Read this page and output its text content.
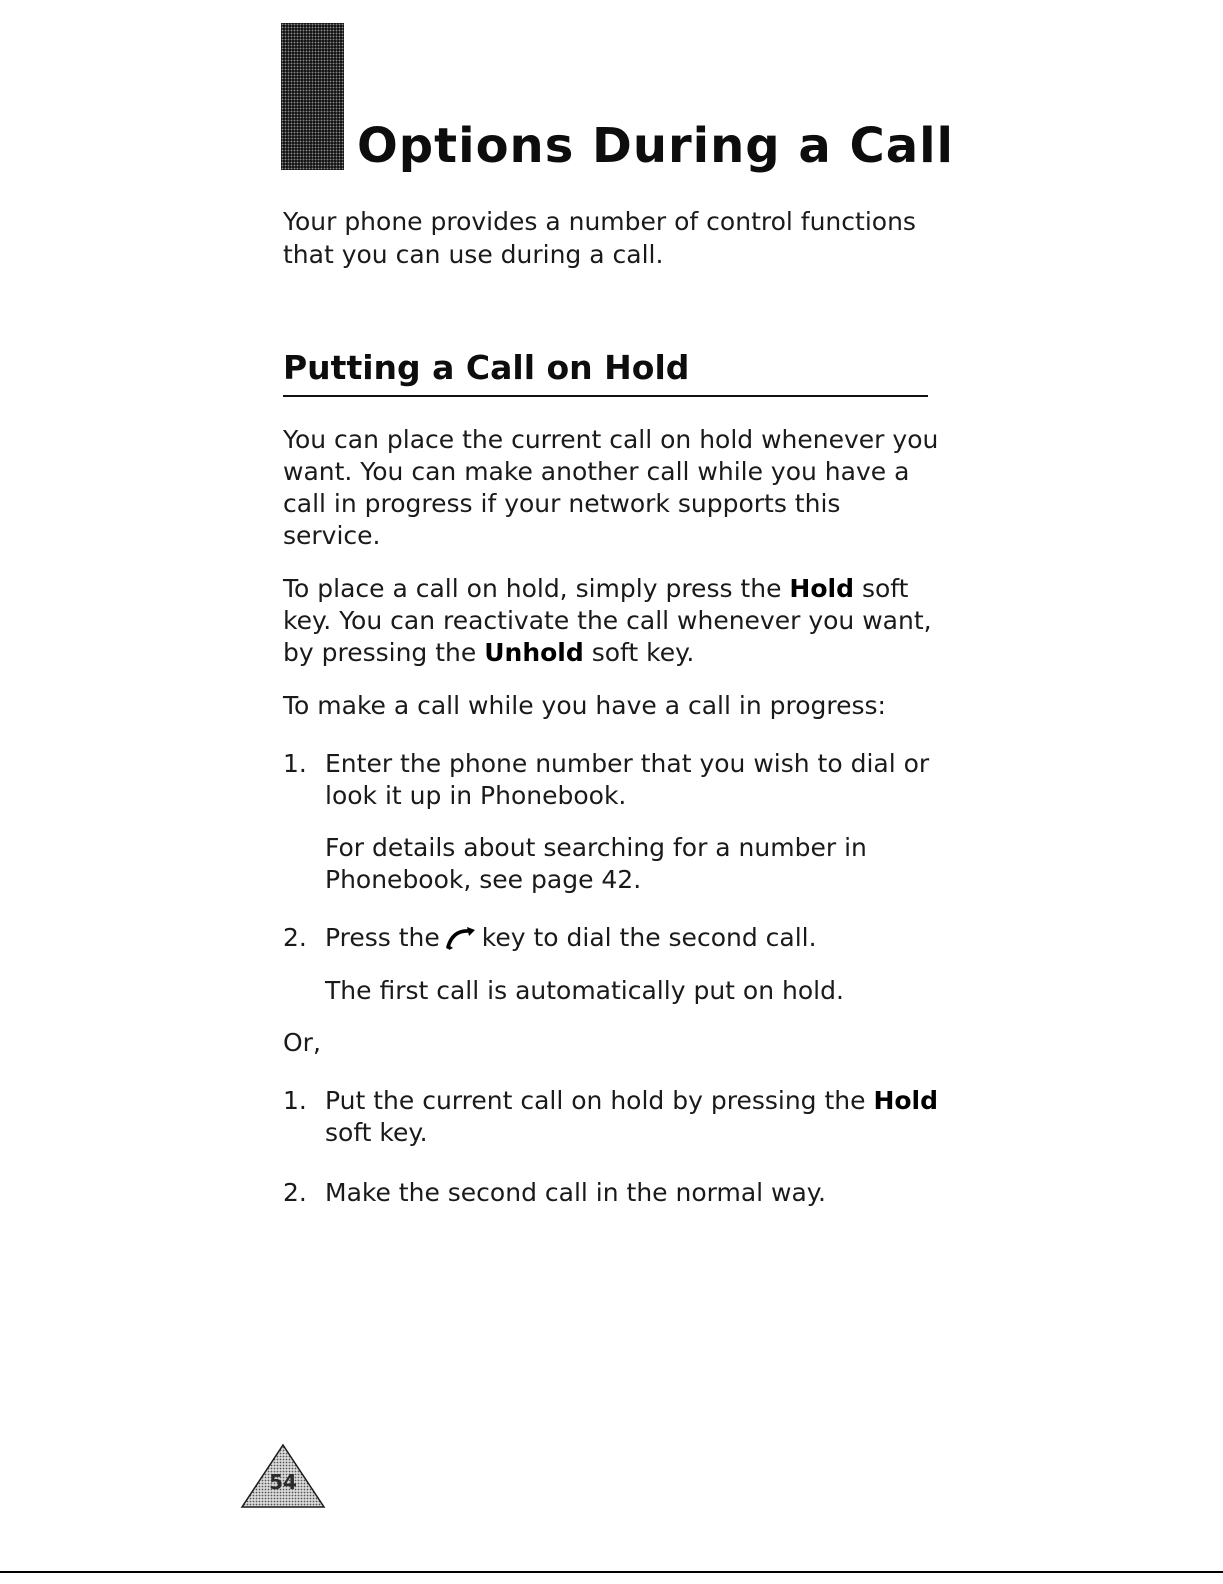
Options During a Call

Your phone provides a number of control functions that you can use during a call.

Putting a Call on Hold

You can place the current call on hold whenever you want. You can make another call while you have a call in progress if your network supports this service.

To place a call on hold, simply press the Hold soft key. You can reactivate the call whenever you want, by pressing the Unhold soft key.

To make a call while you have a call in progress:

1. Enter the phone number that you wish to dial or look it up in Phonebook.

For details about searching for a number in Phonebook, see page 42.

2. Press the key to dial the second call.

The first call is automatically put on hold.

Or,

1. Put the current call on hold by pressing the Hold soft key.
2. Make the second call in the normal way.
54
